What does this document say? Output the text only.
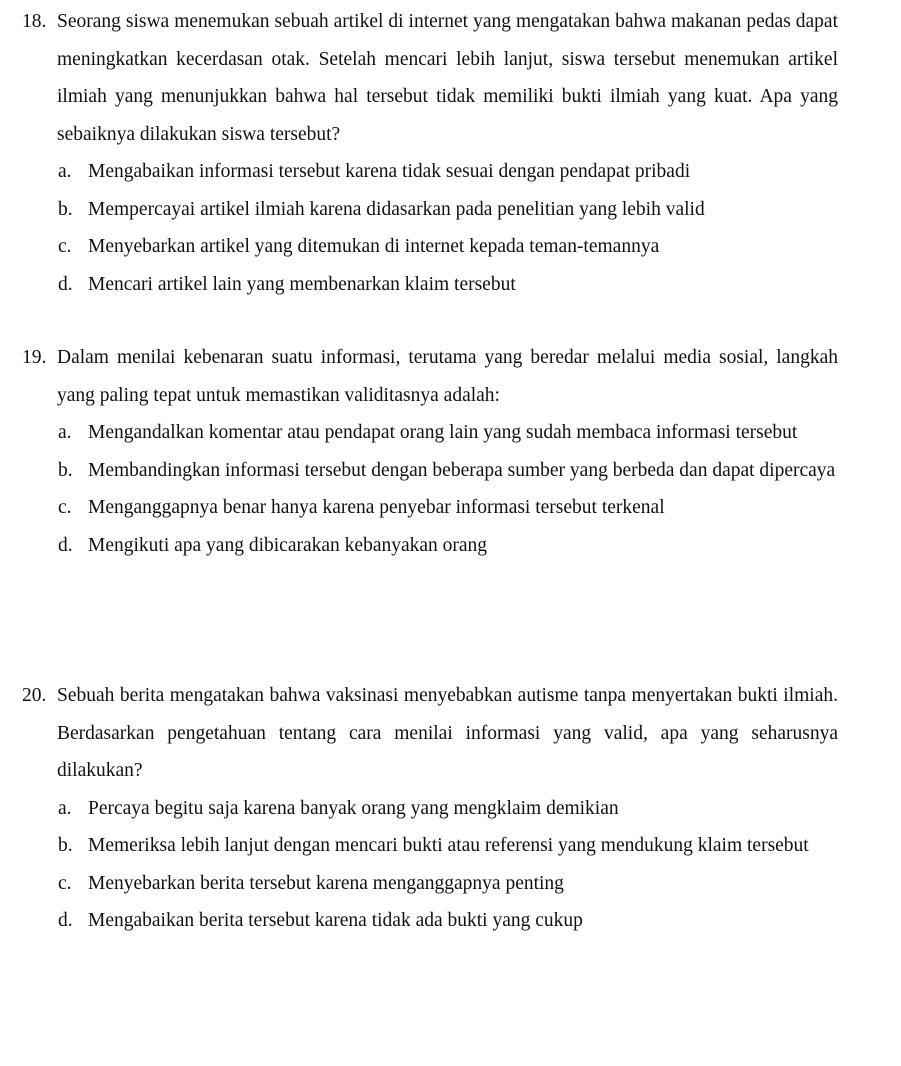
18. Seorang siswa menemukan sebuah artikel di internet yang mengatakan bahwa makanan pedas dapat meningkatkan kecerdasan otak. Setelah mencari lebih lanjut, siswa tersebut menemukan artikel ilmiah yang menunjukkan bahwa hal tersebut tidak memiliki bukti ilmiah yang kuat. Apa yang sebaiknya dilakukan siswa tersebut?
a. Mengabaikan informasi tersebut karena tidak sesuai dengan pendapat pribadi
b. Mempercayai artikel ilmiah karena didasarkan pada penelitian yang lebih valid
c. Menyebarkan artikel yang ditemukan di internet kepada teman-temannya
d. Mencari artikel lain yang membenarkan klaim tersebut
19. Dalam menilai kebenaran suatu informasi, terutama yang beredar melalui media sosial, langkah yang paling tepat untuk memastikan validitasnya adalah:
a. Mengandalkan komentar atau pendapat orang lain yang sudah membaca informasi tersebut
b. Membandingkan informasi tersebut dengan beberapa sumber yang berbeda dan dapat dipercaya
c. Menganggapnya benar hanya karena penyebar informasi tersebut terkenal
d. Mengikuti apa yang dibicarakan kebanyakan orang
20. Sebuah berita mengatakan bahwa vaksinasi menyebabkan autisme tanpa menyertakan bukti ilmiah. Berdasarkan pengetahuan tentang cara menilai informasi yang valid, apa yang seharusnya dilakukan?
a. Percaya begitu saja karena banyak orang yang mengklaim demikian
b. Memeriksa lebih lanjut dengan mencari bukti atau referensi yang mendukung klaim tersebut
c. Menyebarkan berita tersebut karena menganggapnya penting
d. Mengabaikan berita tersebut karena tidak ada bukti yang cukup
